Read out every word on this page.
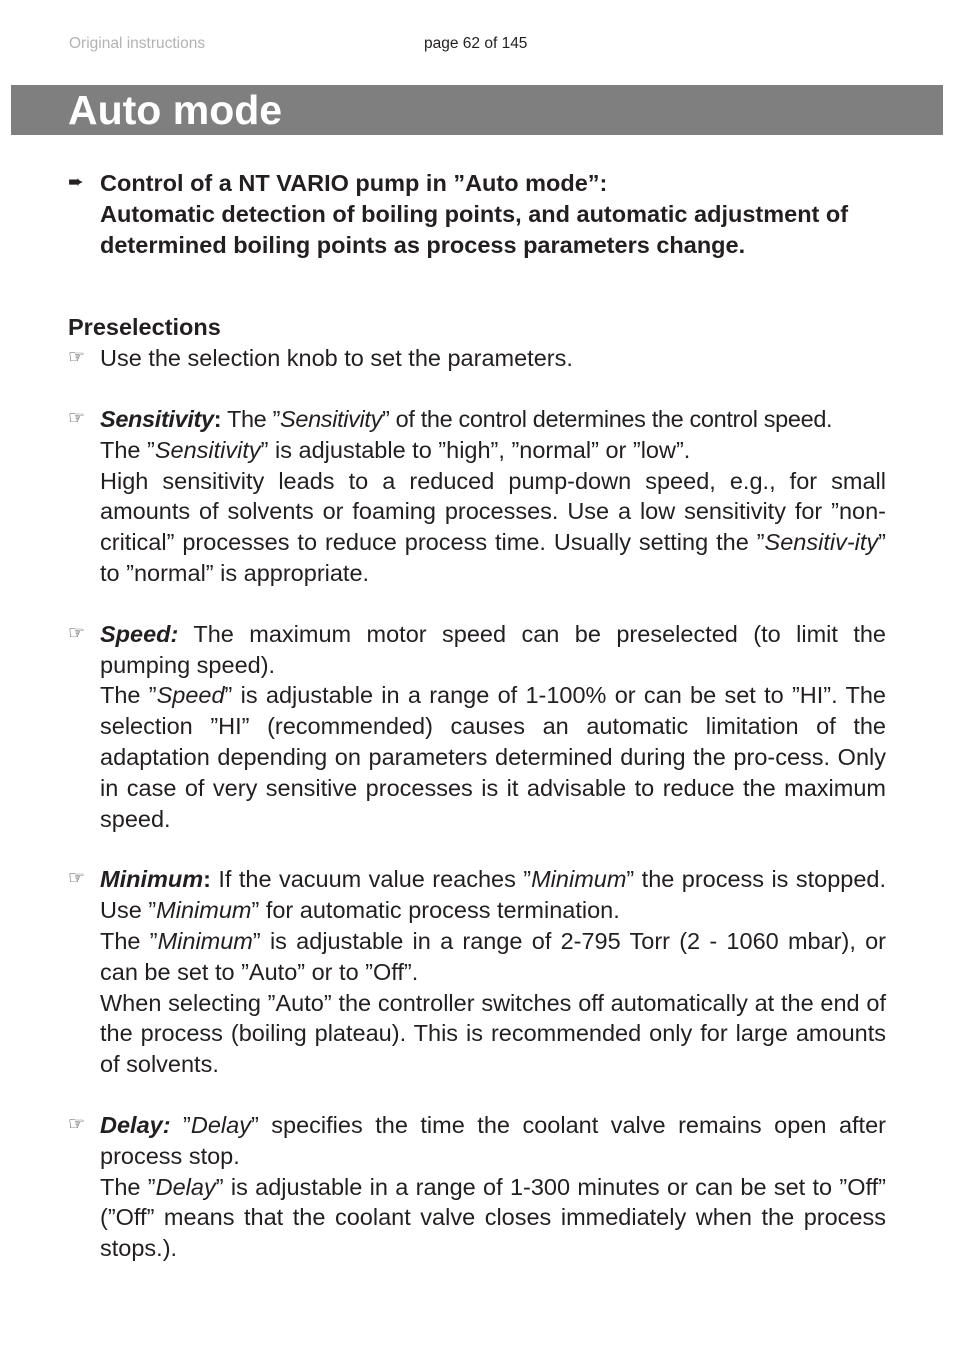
Original instructions	page 62 of 145
Auto mode
➨ Control of a NT VARIO pump in ”Auto mode”:

Automatic detection of boiling points, and automatic adjustment of determined boiling points as process parameters change.

Preselections

☞ Use the selection knob to set the parameters.

☞ Sensitivity: The ”Sensitivity” of the control determines the control speed.

The ”Sensitivity” is adjustable to ”high”, ”normal” or ”low”.

High sensitivity leads to a reduced pump-down speed, e.g., for small amounts of solvents or foaming processes. Use a low sensitivity for ”non-critical” processes to reduce process time. Usually setting the ”Sensitiv-ity” to ”normal” is appropriate.

☞ Speed: The maximum motor speed can be preselected (to limit the pumping speed).

The ”Speed” is adjustable in a range of 1-100% or can be set to ”HI”. The selection ”HI” (recommended) causes an automatic limitation of the adaptation depending on parameters determined during the pro-cess. Only in case of very sensitive processes is it advisable to reduce the maximum speed.

☞ Minimum: If the vacuum value reaches ”Minimum” the process is stopped. Use ”Minimum” for automatic process termination.

The ”Minimum” is adjustable in a range of 2-795 Torr (2 - 1060 mbar), or can be set to ”Auto” or to ”Off”.

When selecting ”Auto” the controller switches off automatically at the end of the process (boiling plateau). This is recommended only for large amounts of solvents.

☞ Delay: ”Delay” specifies the time the coolant valve remains open after process stop.

The ”Delay” is adjustable in a range of 1-300 minutes or can be set to ”Off” (”Off” means that the coolant valve closes immediately when the process stops.).
